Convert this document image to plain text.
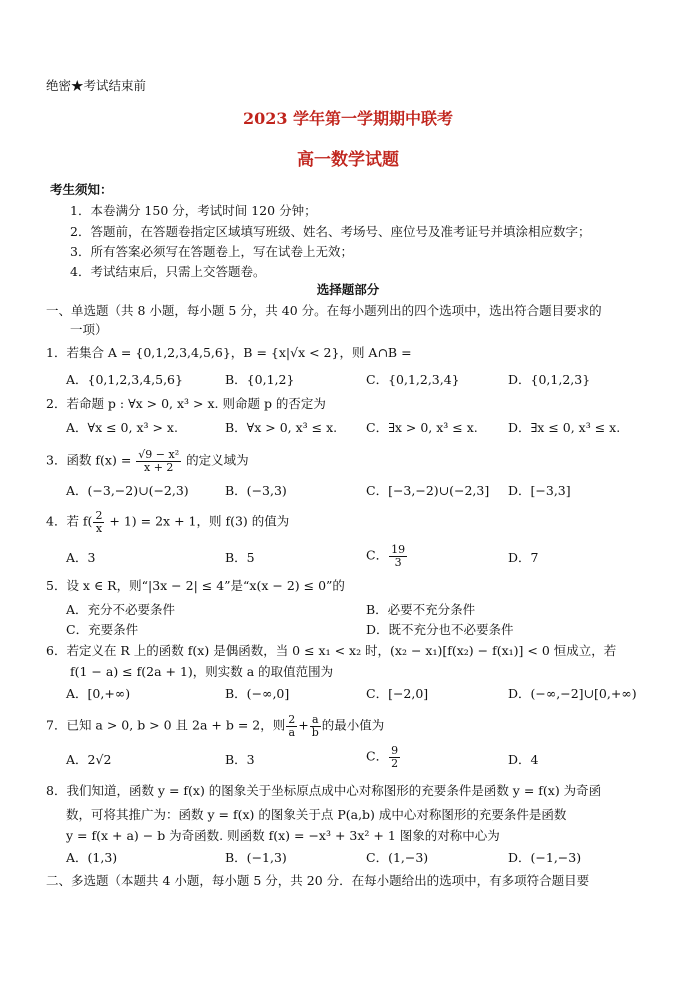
绝密★考试结束前
2023 学年第一学期期中联考
高一数学试题
考生须知：
1．本卷满分 150 分，考试时间 120 分钟；
2．答题前，在答题卷指定区域填写班级、姓名、考场号、座位号及准考证号并填涂相应数字；
3．所有答案必须写在答题卷上，写在试卷上无效；
4．考试结束后，只需上交答题卷。
选择题部分
一、单选题（共 8 小题，每小题 5 分，共 40 分。在每小题列出的四个选项中，选出符合题目要求的
一项）
1．若集合 A = {0,1,2,3,4,5,6}，B = {x|√x < 2}，则 A∩B =
A．{0,1,2,3,4,5,6}	B．{0,1,2}	C．{0,1,2,3,4}	D．{0,1,2,3}
2．若命题 p : ∀x > 0, x³ > x. 则命题 p 的否定为
A．∀x ≤ 0, x³ > x.	B．∀x > 0, x³ ≤ x. C．∃x > 0, x³ ≤ x. D．∃x ≤ 0, x³ ≤ x.
3．函数 $f(x) = \frac{\text{√9 − x²}}{x + 2}$ 的定义域为
A．(−3,−2)∪(−2,3)	B．(−3,3)	C．[−3,−2)∪(−2,3] D．[−3,3]
4．若 $f( \frac{2}{x} + 1) = 2x + 1$，则 f(3) 的值为
A．3	B．5	C． $\frac{19}{3}$	D．7
5．设 x ∈ R，则“|3x − 2| ≤ 4”是“x(x − 2) ≤ 0”的
A．充分不必要条件	B．必要不充分条件
C．充要条件	D．既不充分也不必要条件
6．若定义在 R 上的函数 f(x) 是偶函数，当 0 ≤ x₁ < x₂ 时，(x₂ − x₁)[f(x₂) − f(x₁)] < 0 恒成立，若
f(1 − a) ≤ f(2a + 1)，则实数 a 的取值范围为
A．[0,+∞)	B．(−∞,0]	C．[−2,0]	D．(−∞,−2]∪[0,+∞)
7．已知 a > 0, b > 0 且 2a + b = 2，则 $\frac{2}{a} + \frac{a}{b}$ 的最小值为
A．2√2	B．3	C． $\frac{9}{2}$	D．4
8．我们知道，函数 y = f(x) 的图象关于坐标原点成中心对称图形的充要条件是函数 y = f(x) 为奇函
数，可将其推广为：函数 y = f(x) 的图象关于点 P(a,b) 成中心对称图形的充要条件是函数
y = f(x + a) − b 为奇函数. 则函数 f(x) = −x³ + 3x² + 1 图象的对称中心为
A．(1,3)	B．(−1,3)	C．(1,−3)	D．(−1,−3)
二、多选题（本题共 4 小题，每小题 5 分，共 20 分．在每小题给出的选项中，有多项符合题目要
